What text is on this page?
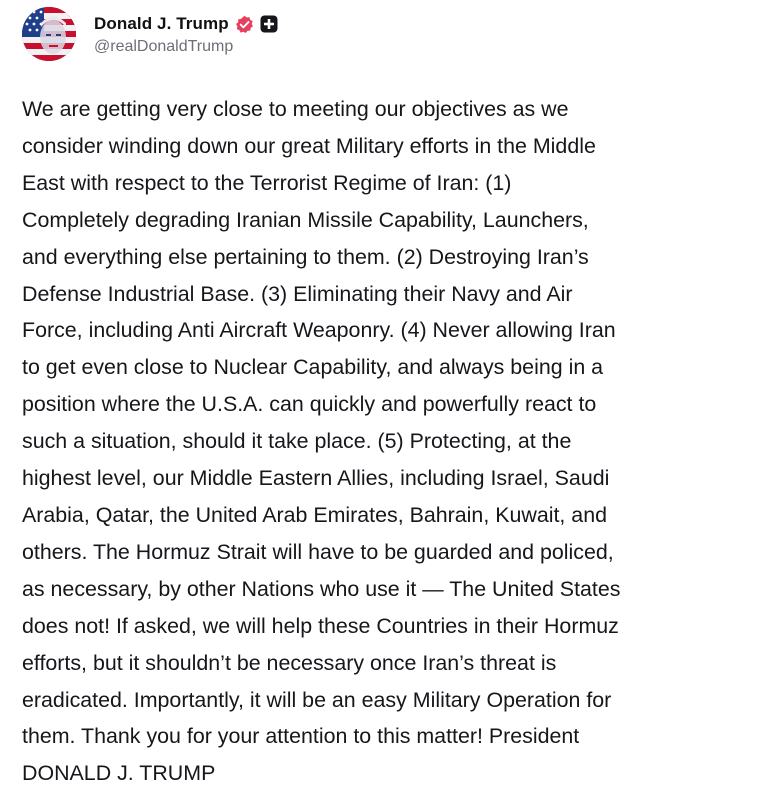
Donald J. Trump
@realDonaldTrump
We are getting very close to meeting our objectives as we
consider winding down our great Military efforts in the Middle
East with respect to the Terrorist Regime of Iran: (1)
Completely degrading Iranian Missile Capability, Launchers,
and everything else pertaining to them. (2) Destroying Iran’s
Defense Industrial Base. (3) Eliminating their Navy and Air
Force, including Anti Aircraft Weaponry. (4) Never allowing Iran
to get even close to Nuclear Capability, and always being in a
position where the U.S.A. can quickly and powerfully react to
such a situation, should it take place. (5) Protecting, at the
highest level, our Middle Eastern Allies, including Israel, Saudi
Arabia, Qatar, the United Arab Emirates, Bahrain, Kuwait, and
others. The Hormuz Strait will have to be guarded and policed,
as necessary, by other Nations who use it — The United States
does not! If asked, we will help these Countries in their Hormuz
efforts, but it shouldn’t be necessary once Iran’s threat is
eradicated. Importantly, it will be an easy Military Operation for
them. Thank you for your attention to this matter! President
DONALD J. TRUMP
